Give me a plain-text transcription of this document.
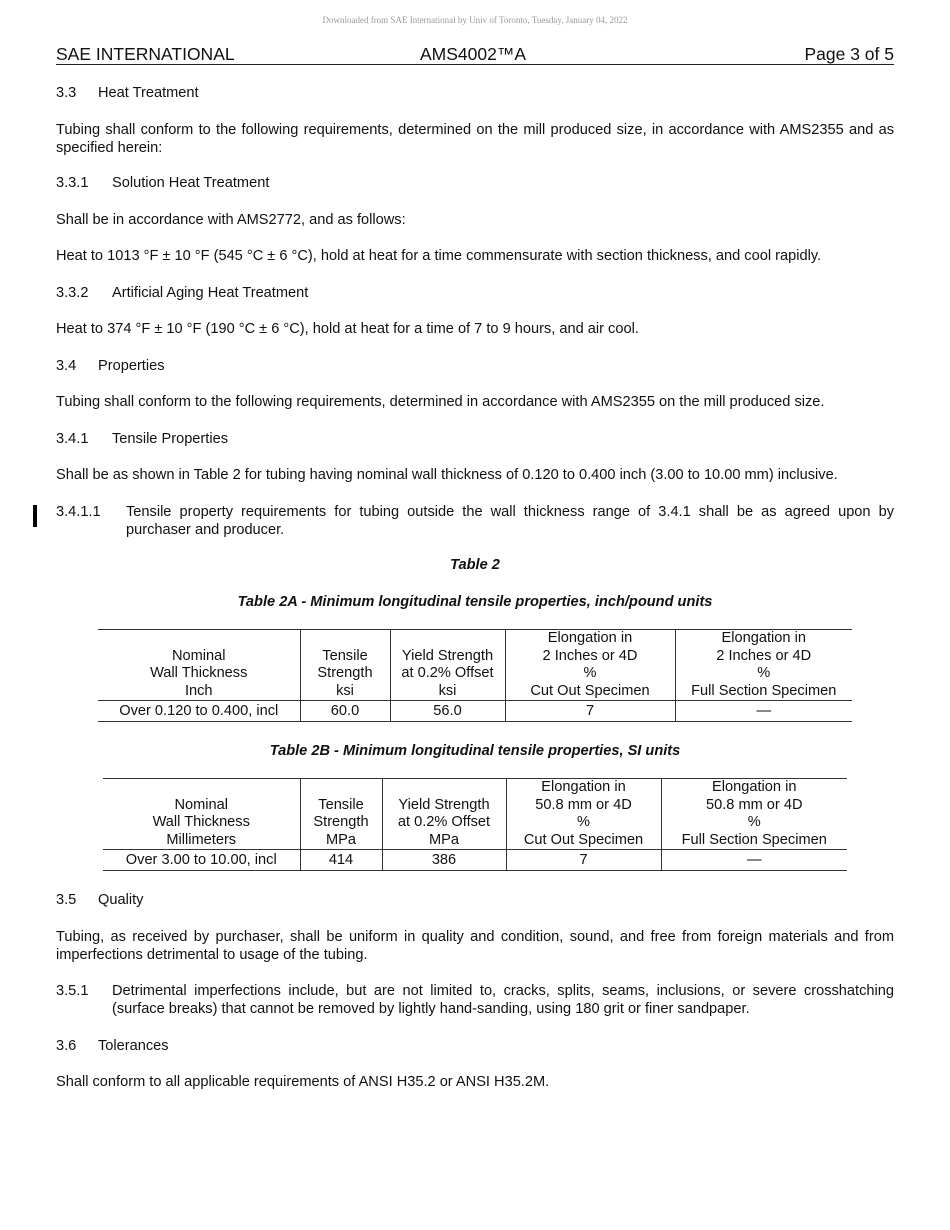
Downloaded from SAE International by Univ of Toronto, Tuesday, January 04, 2022
SAE INTERNATIONAL	AMS4002™A	Page 3 of 5
3.3 Heat Treatment
Tubing shall conform to the following requirements, determined on the mill produced size, in accordance with AMS2355 and as specified herein:
3.3.1 Solution Heat Treatment
Shall be in accordance with AMS2772, and as follows:
Heat to 1013 °F ± 10 °F (545 °C ± 6 °C), hold at heat for a time commensurate with section thickness, and cool rapidly.
3.3.2 Artificial Aging Heat Treatment
Heat to 374 °F ± 10 °F (190 °C ± 6 °C), hold at heat for a time of 7 to 9 hours, and air cool.
3.4 Properties
Tubing shall conform to the following requirements, determined in accordance with AMS2355 on the mill produced size.
3.4.1 Tensile Properties
Shall be as shown in Table 2 for tubing having nominal wall thickness of 0.120 to 0.400 inch (3.00 to 10.00 mm) inclusive.
3.4.1.1	Tensile property requirements for tubing outside the wall thickness range of 3.4.1 shall be as agreed upon by purchaser and producer.
Table 2
Table 2A - Minimum longitudinal tensile properties, inch/pound units

Nominal
Wall Thickness
Inch	Tensile
Strength
ksi	Yield Strength
at 0.2% Offset
ksi	Elongation in
2 Inches or 4D
%
Cut Out Specimen	Elongation in
2 Inches or 4D
%
Full Section Specimen

Over 0.120 to 0.400, incl	60.0	56.0	7	—
Table 2B - Minimum longitudinal tensile properties, SI units

Nominal
Wall Thickness
Millimeters	Tensile
Strength
MPa	Yield Strength
at 0.2% Offset
MPa	Elongation in
50.8 mm or 4D
%
Cut Out Specimen	Elongation in
50.8 mm or 4D
%
Full Section Specimen

Over 3.00 to 10.00, incl	414	386	7	—
3.5 Quality
Tubing, as received by purchaser, shall be uniform in quality and condition, sound, and free from foreign materials and from imperfections detrimental to usage of the tubing.
3.5.1	Detrimental imperfections include, but are not limited to, cracks, splits, seams, inclusions, or severe crosshatching (surface breaks) that cannot be removed by lightly hand-sanding, using 180 grit or finer sandpaper.
3.6 Tolerances
Shall conform to all applicable requirements of ANSI H35.2 or ANSI H35.2M.
